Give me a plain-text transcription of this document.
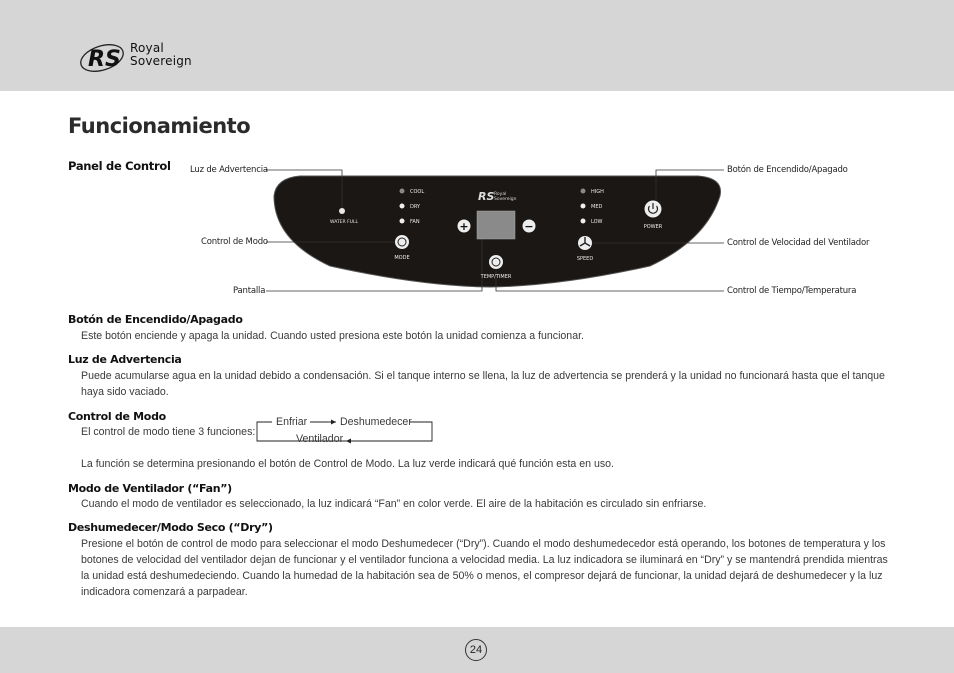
RS Royal
Sovereign
Funcionamiento
Panel de Control
WATER FULL
COOL
DRY
FAN
MODE
RS Royal
Sovereign
+	−
TEMP/TIMER
HIGH
MED
LOW
SPEED
POWER
Luz de Advertencia
Control de Modo
Pantalla
Botón de Encendido/Apagado
Control de Velocidad del Ventilador
Control de Tiempo/Temperatura
Botón de Encendido/Apagado
Este botón enciende y apaga la unidad. Cuando usted presiona este botón la unidad comienza a funcionar.
Luz de Advertencia
Puede acumularse agua en la unidad debido a condensación. Si el tanque interno se llena, la luz de advertencia se prenderá y la unidad no funcionará hasta que el tanque haya sido vaciado.
Control de Modo
El control de modo tiene 3 funciones:
Enfriar	Deshumedecer
Ventilador
La función se determina presionando el botón de Control de Modo. La luz verde indicará qué función esta en uso.
Modo de Ventilador (“Fan”)
Cuando el modo de ventilador es seleccionado, la luz indicará “Fan” en color verde. El aire de la habitación es circulado sin enfriarse.
Deshumedecer/Modo Seco (“Dry”)
Presione el botón de control de modo para seleccionar el modo Deshumedecer (“Dry”). Cuando el modo deshumedecedor está operando, los botones de temperatura y los botones de velocidad del ventilador dejan de funcionar y el ventilador funciona a velocidad media. La luz indicadora se iluminará en “Dry” y se mantendrá prendida mientras la unidad está deshumedeciendo. Cuando la humedad de la habitación sea de 50% o menos, el compresor dejará de funcionar, la unidad dejará de deshumedecer y la luz indicadora comenzará a parpadear.
24
